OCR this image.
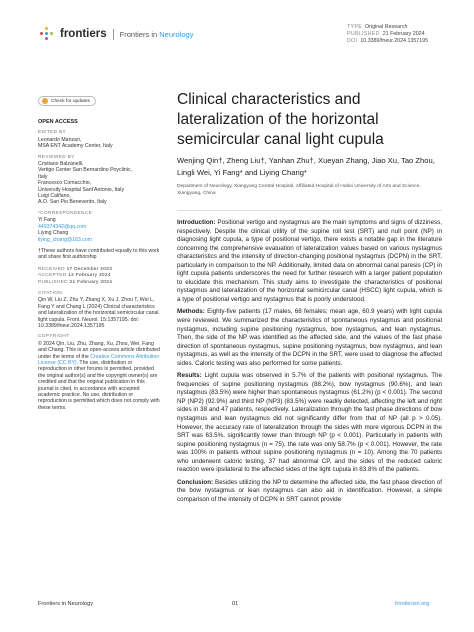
frontiers Frontiers in Neurology
TYPE Original Research
PUBLISHED 21 February 2024
DOI 10.3389/fneur.2024.1357195
Check for updates
OPEN ACCESS
EDITED BY
Leonardo Manzari,
MSA ENT Academy Center, Italy
REVIEWED BY
Cristiano Balzanelli,
Vertigo Center San Bernardino Poyclinic,
Italy
Francesco Comacchio,
University Hospital Sant'Antonio, Italy
Luigi Califano,
A.O. San Pio Benevento, Italy
*CORRESPONDENCE
Yi Fang
449374342@qq.com
Liying Chang
liying_chang@163.com
†These authors have contributed equally to this work and share first authorship
RECEIVED 17 December 2023
ACCEPTED 12 February 2024
PUBLISHED 21 February 2024
CITATION
Qin W, Liu Z, Zhu Y, Zhang X, Xu J, Zhou T, Wei L, Fang Y and Chang L (2024) Clinical characteristics and lateralization of the horizontal semicircular canal light cupula. Front. Neurol. 15:1357195. doi: 10.3389/fneur.2024.1357195
COPYRIGHT
© 2024 Qin, Liu, Zhu, Zhang, Xu, Zhou, Wei, Fang and Chang. This is an open-access article distributed under the terms of the Creative Commons Attribution License (CC BY). The use, distribution or reproduction in other forums is permitted, provided the original author(s) and the copyright owner(s) are credited and that the original publication in this journal is cited, in accordance with accepted academic practice. No use, distribution or reproduction is permitted which does not comply with these terms.
Clinical characteristics and lateralization of the horizontal semicircular canal light cupula
Wenjing Qin†, Zheng Liu†, Yanhan Zhu†, Xueyan Zhang, Jiao Xu, Tao Zhou, Lingli Wei, Yi Fang* and Liying Chang*
Department of Neurology, Xiangyang Central Hospital, Affiliated Hospital of Hubei University of Arts and Science, Xiangyang, China

Introduction: Positional vertigo and nystagmus are the main symptoms and signs of dizziness, respectively. Despite the clinical utility of the supine roll test (SRT) and null point (NP) in diagnosing light cupula, a type of positional vertigo, there exists a notable gap in the literature concerning the comprehensive evaluation of lateralization values based on various nystagmus characteristics and the intensity of direction-changing positional nystagmus (DCPN) in the SRT, particularly in comparison to the NP. Additionally, limited data on abnormal canal paresis (CP) in light cupula patients underscores the need for further research with a larger patient population to elucidate this mechanism. This study aims to investigate the characteristics of positional nystagmus and lateralization of the horizontal semicircular canal (HSCC) light cupula, which is a type of positional vertigo and nystagmus that is poorly understood.

Methods: Eighty-five patients (17 males, 68 females; mean age, 60.9 years) with light cupula were reviewed. We summarized the characteristics of spontaneous nystagmus and positional nystagmus, including supine positioning nystagmus, bow nystagmus, and lean nystagmus. Then, the side of the NP was identified as the affected side, and the values of the fast phase direction of spontaneous nystagmus, supine positioning nystagmus, bow nystagmus, and lean nystagmus, as well as the intensity of the DCPN in the SRT, were used to diagnose the affected sides. Caloric testing was also performed for some patients.

Results: Light cupula was observed in 5.7% of the patients with positional nystagmus. The frequencies of supine positioning nystagmus (88.2%), bow nystagmus (90.6%), and lean nystagmus (83.5%) were higher than spontaneous nystagmus (61.2%) (p < 0.001). The second NP (NP2) (92.9%) and third NP (NP3) (83.5%) were readily detected, affecting the left and right sides in 38 and 47 patients, respectively. Lateralization through the fast phase directions of bow nystagmus and lean nystagmus did not significantly differ from that of NP (all p > 0.05). However, the accuracy rate of lateralization through the sides with more vigorous DCPN in the SRT was 63.5%, significantly lower than through NP (p < 0.001). Particularly in patients with supine positioning nystagmus (n = 75), the rate was only 58.7% (p < 0.001). However, the rate was 100% in patients without supine positioning nystagmus (n = 10). Among the 70 patients who underwent caloric testing, 37 had abnormal CP, and the sides of the reduced caloric reaction were ipsilateral to the affected sides of the light cupula in 83.8% of the patients.

Conclusion: Besides utilizing the NP to determine the affected side, the fast phase direction of the bow nystagmus or lean nystagmus can also aid in identification. However, a simple comparison of the intensity of DCPN in SRT cannot provide

Frontiers in Neurology	01	frontiersin.org
